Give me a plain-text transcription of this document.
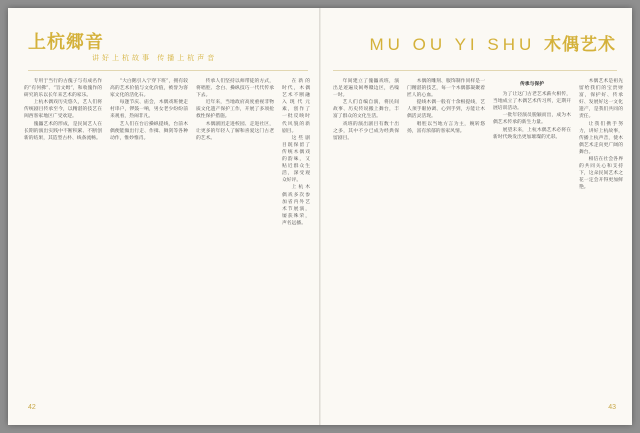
上杭郷音
讲好上杭故事 传播上杭声音

专用于当行的古傀子与有成名作的“有何佛”、“旨文姆”，和收傀作的研究的乐以长年来艺术的家乐。

上杭木偶戏历史悠久，艺人们将传统剧目传承至今，以精湛的技艺在闽西客家地区广受欢迎。

傀儡艺术的形成，是民间艺人在长期的演出实践中不断积累、不断创新的结果，其造型古朴、线条流畅。

“大白鹅引入宁穿下班”，拥有较高的艺术价值与文化价值，被誉为客家文化的活化石。

每逢节庆、庙会，木偶戏班便走村串户，锣鼓一响，男女老少纷纷前来观看，热闹非凡。

艺人们在台后操纵提线，台前木偶便能做出行走、作揖、舞剑等各种动作，惟妙惟肖。

传承人们坚持以师带徒的方式，将唱腔、念白、操纵技巧一代代传承下去。

近年来，当地政府高度重视非物质文化遗产保护工作，开展了多项抢救性保护措施。

木偶剧团走进校园、走进社区，让更多的年轻人了解和喜爱这门古老的艺术。

在新的时代，木偶艺术不断融入现代元素，创作了一批反映时代风貌的新剧目。

这些剧目既保留了传统木偶戏的韵味，又贴近群众生活，深受观众好评。

上杭木偶戏多次参加省内外艺术节展演，屡获殊荣，声名远播。

42
MU OU YI SHU 木偶艺术

年间建立了傀儡戏班，演出足迹遍及闽粤赣边区，名噪一时。

艺人们自编自演，将民间故事、历史传说搬上舞台，丰富了群众的文化生活。

戏班的演出剧目有数十出之多，其中不少已成为经典保留剧目。

木偶的雕刻、服饰制作同样是一门精湛的技艺，每一个木偶都凝聚着匠人的心血。

提线木偶一般有十余根提线，艺人须手眼协调、心到手到，方能让木偶活灵活现。

唱腔以当地方言为主，婉转悠扬，富有浓郁的客家风情。

传承与保护

为了让这门古老艺术薪火相传，当地成立了木偶艺术传习所，定期开展培训活动。

一批年轻演员脱颖而出，成为木偶艺术传承的新生力量。

展望未来，上杭木偶艺术必将在新时代焕发出更加璀璨的光彩。

木偶艺术是祖先留给我们的宝贵财富，保护好、传承好、发展好这一文化遗产，是我们共同的责任。

让我们携手努力，讲好上杭故事，传播上杭声音，使木偶艺术走向更广阔的舞台。

相信在社会各界的共同关心和支持下，这朵民间艺术之花一定会开得更加鲜艳。

43
